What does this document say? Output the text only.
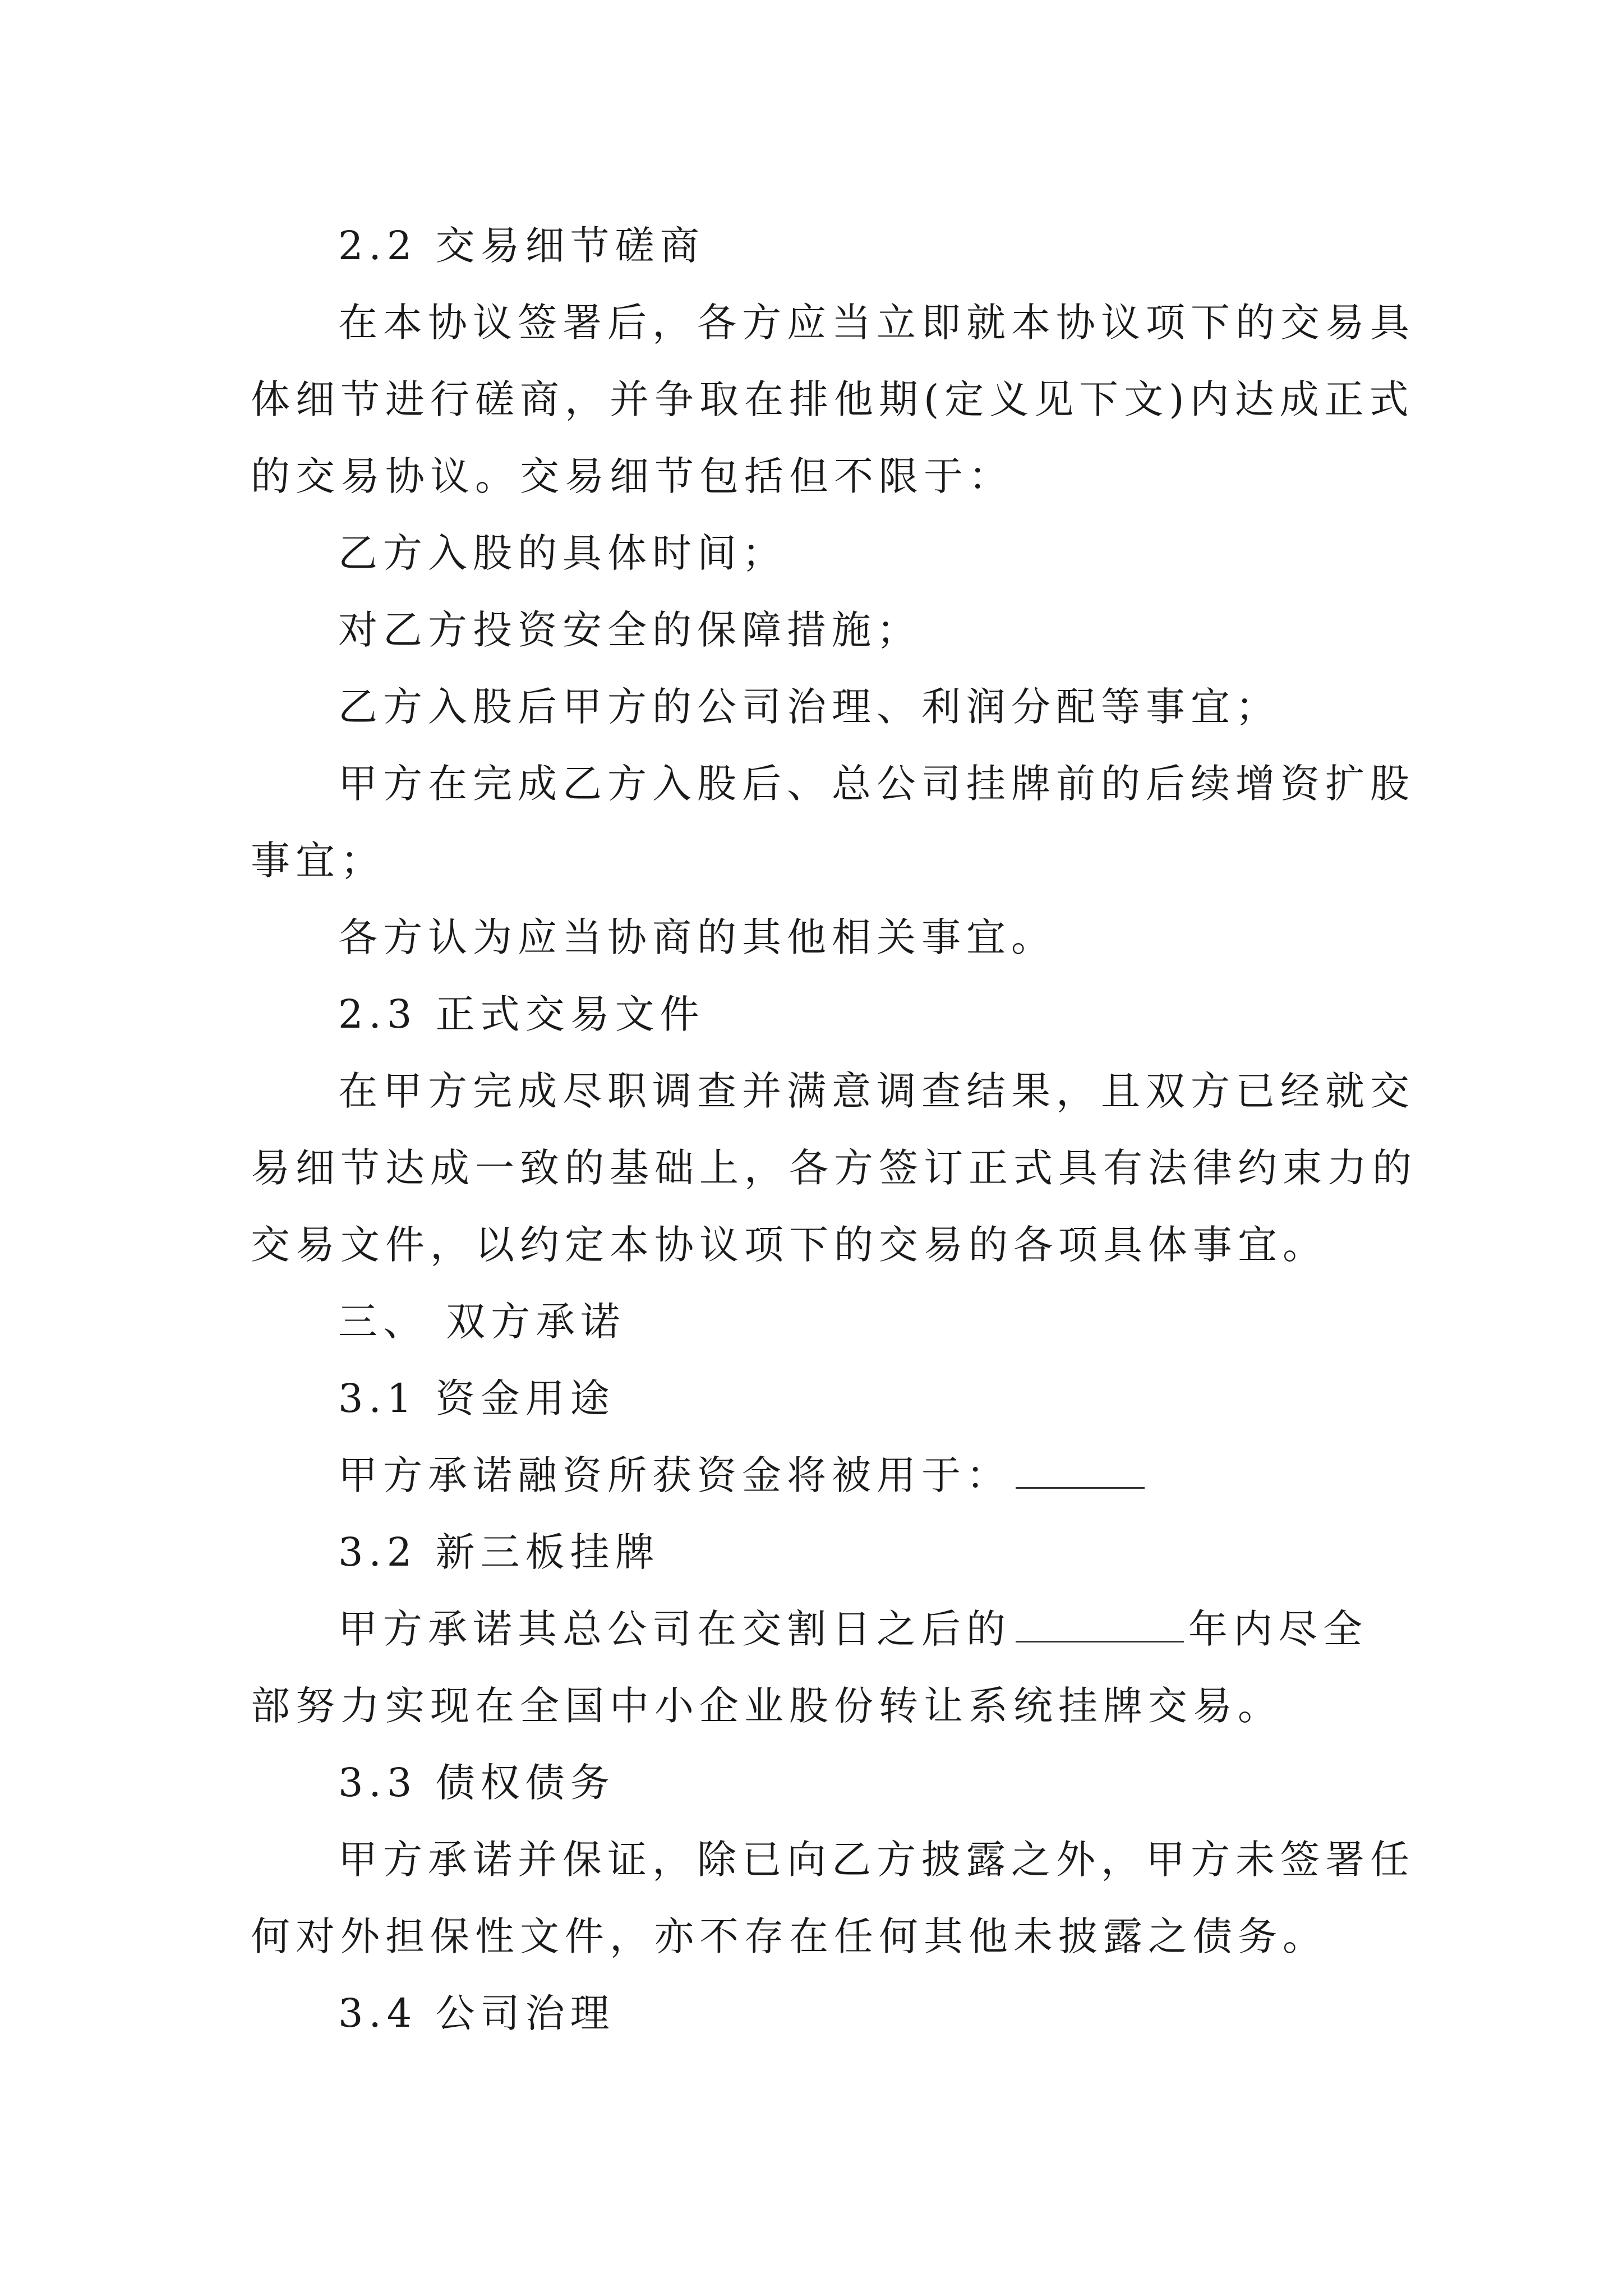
2.2 交易细节磋商
在本协议签署后，各方应当立即就本协议项下的交易具
体细节进行磋商，并争取在排他期(定义见下文)内达成正式
的交易协议。交易细节包括但不限于：
乙方入股的具体时间；
对乙方投资安全的保障措施；
乙方入股后甲方的公司治理、利润分配等事宜；
甲方在完成乙方入股后、总公司挂牌前的后续增资扩股
事宜；
各方认为应当协商的其他相关事宜。
2.3 正式交易文件
在甲方完成尽职调查并满意调查结果，且双方已经就交
易细节达成一致的基础上，各方签订正式具有法律约束力的
交易文件，以约定本协议项下的交易的各项具体事宜。
三、 双方承诺
3.1 资金用途
甲方承诺融资所获资金将被用于：
3.2 新三板挂牌
甲方承诺其总公司在交割日之后的	年内尽全
部努力实现在全国中小企业股份转让系统挂牌交易。
3.3 债权债务
甲方承诺并保证，除已向乙方披露之外，甲方未签署任
何对外担保性文件，亦不存在任何其他未披露之债务。
3.4 公司治理
